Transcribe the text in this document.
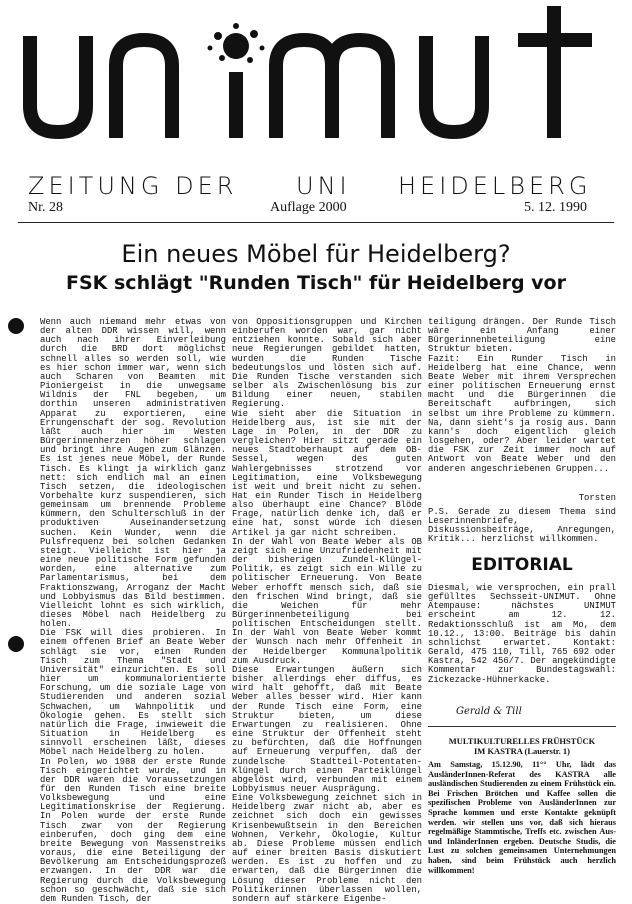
ZEITUNG DER UNI HEIDELBERG
Nr. 28	Auflage 2000	5. 12. 1990
Ein neues Möbel für Heidelberg?
FSK schlägt "Runden Tisch" für Heidelberg vor
Wenn auch niemand mehr etwas von der alten DDR wissen will, wenn auch nach ihrer Einverleibung durch die BRD dort möglichst schnell alles so werden soll, wie es hier schon immer war, wenn sich auch Scharen von Beamten mit Pioniergeist in die unwegsame Wildnis der FNL begeben, um dorthin unseren administrativen Apparat zu exportieren, eine Errungenschaft der sog. Revolution läßt auch hier im Westen Bürgerinnenherzen höher schlagen und bringt ihre Augen zum Glänzen. Es ist jenes neue Möbel, der Runde Tisch. Es klingt ja wirklich ganz nett: sich endlich mal an einen Tisch setzen, die ideologischen Vorbehalte kurz suspendieren, sich gemeinsam um brennende Probleme kümmern, den Schulterschluß in der produktiven Auseinandersetzung suchen. Kein Wunder, wenn die Pulsfrequenz bei solchen Gedanken steigt. Vielleicht ist hier ja eine neue politische Form gefunden worden, eine alternative zum Parlamentarismus, bei dem Fraktionszwang, Arroganz der Macht und Lobbyismus das Bild bestimmen. Vielleicht lohnt es sich wirklich, dieses Möbel nach Heidelberg zu holen.
Die FSK will dies probieren. In einem offenen Brief an Beate Weber schlägt sie vor, einen Runden Tisch zum Thema "Stadt und Universität" einzurichten. Es soll hier um kommunalorientierte Forschung, um die soziale Lage von Studierenden und anderen sozial Schwachen, um Wahnpolitik und Ökologie gehen. Es stellt sich natürlich die Frage, inwieweit die Situation in Heidelberg es sinnvoll erscheinen läßt, dieses Möbel nach Heidelberg zu holen.
In Polen, wo 1988 der erste Runde Tisch eingerichtet wurde, und in der DDR waren die Voraussetzungen für den Runden Tisch eine breite Volksbewegung und eine Legitimationskrise der Regierung. In Polen wurde der erste Runde Tisch zwar von der Regierung einberufen, doch ging dem eine breite Bewegung von Massenstreiks voraus, die eine Beteiligung der Bevölkerung am Entscheidungsprozeß erzwangen. In der DDR war die Regierung durch die Volksbewegung schon so geschwächt, daß sie sich dem Runden Tisch, der
von Oppositionsgruppen und Kirchen einberufen worden war, gar nicht entziehen konnte. Sobald sich aber neue Regierungen gebildet hatten, wurden die Runden Tische bedeutungslos und lösten sich auf. Die Runden Tische verstanden sich selber als Zwischenlösung bis zur Bildung einer neuen, stabilen Regierung.
Wie sieht aber die Situation in Heidelberg aus, ist sie mit der Lage in Polen, in der DDR zu vergleichen? Hier sitzt gerade ein neues Stadtoberhaupt auf dem OB-Sessel, wegen des guten Wahlergebnisses strotzend vor Legitimation, eine Volksbewegung ist weit und breit nicht zu sehen. Hat ein Runder Tisch in Heidelberg also überhaupt eine Chance? Blöde Frage, natürlich denke ich, daß er eine hat, sonst würde ich diesen Artikel ja gar nicht schreiben.
In der Wahl von Beate Weber als OB zeigt sich eine Unzufriedenheit mit der bisherigen Zundel-Klüngel-Politik, es zeigt sich ein Wille zu politischer Erneuerung. Von Beate Weber erhofft mensch sich, daß sie den frischen Wind bringt, daß sie die Weichen für mehr Bürgerinnenbeteiligung bei politischen Entscheidungen stellt. In der Wahl von Beate Weber kommt der Wunsch nach mehr Offenheit in der Heidelberger Kommunalpolitik zum Ausdruck.
Diese Erwartungen äußern sich bisher allerdings eher diffus, es wird halt gehofft, daß mit Beate Weber alles besser wird. Hier kann der Runde Tisch eine Form, eine Struktur bieten, um diese Erwartungen zu realisieren. Ohne eine Struktur der Offenheit steht zu befürchten, daß die Hoffnungen auf Erneuerung verpuffen, daß der zundelsche Stadtteil-Potentaten-Klüngel durch einen Parteiklüngel abgelöst wird, verbunden mit einem Lobbyismus neuer Ausprägung.
Eine Volksbewegung zeichnet sich in Heidelberg zwar nicht ab, aber es zeichnet sich doch ein gewisses Krisenbewußtsein in den Bereichen Wohnen, Verkehr, Ökologie, Kultur ab. Diese Probleme müssen endlich auf einer breiten Basis diskutiert werden. Es ist zu hoffen und zu erwarten, daß die Bürgerinnen die Lösung dieser Probleme nicht den Politikerinnen überlassen wollen, sondern auf stärkere Eigenbe-
teiligung drängen. Der Runde Tisch wäre ein Anfang einer Bürgerinnenbeteiligung eine Struktur bieten.
Fazit: Ein Runder Tisch in Heidelberg hat eine Chance, wenn Beate Weber mit ihrem Versprechen einer politischen Erneuerung ernst macht und die Bürgerinnen die Bereitschaft aufbringen, sich selbst um ihre Probleme zu kümmern. Na, dann sieht's ja rosig aus. Dann kann's doch eigentlich gleich losgehen, oder? Aber leider wartet die FSK zur Zeit immer noch auf Antwort von Beate Weber und den anderen angeschriebenen Gruppen...
Torsten
P.S. Gerade zu diesem Thema sind Leserinnenbriefe, Diskussionsbeiträge, Anregungen, Kritik... herzlichst willkommen.
EDITORIAL
Diesmal, wie versprochen, ein prall gefülltes Sechsseit-UNIMUT. Ohne Atempause: nächstes UNIMUT erscheint am 12. 12. Redaktionsschluß ist am Mo, dem 10.12., 13:00. Beiträge bis dahin schnlichst erwartet. Kontakt: Gerald, 475 110, Till, 765 692 oder Kastra, 542 456/7. Der angekündigte Kommentar zur Bundestagswahl: Zickezacke-Hühnerkacke.
Gerald & Till
MULTIKULTURELLES FRÜHSTÜCK
IM KASTRA (Lauerstr. 1)
Am Samstag, 15.12.90, 11°° Uhr, lädt das AusländerInnen-Referat des KASTRA alle ausländischen Studierenden zu einem Frühstück ein. Bei Frischen Brötchen und Kaffee sollen die spezifischen Probleme von AusländerInnen zur Sprache kommen und erste Kontakte geknüpft werden. wir stellen uns vor, daß sich hieraus regelmäßige Stammtische, Treffs etc. zwischen Aus- und InländerInnen ergeben. Deutsche Studis, die Lust zu solchen gemeinsamen Unternehmungen haben, sind beim Frühstück auch herzlich willkommen!
